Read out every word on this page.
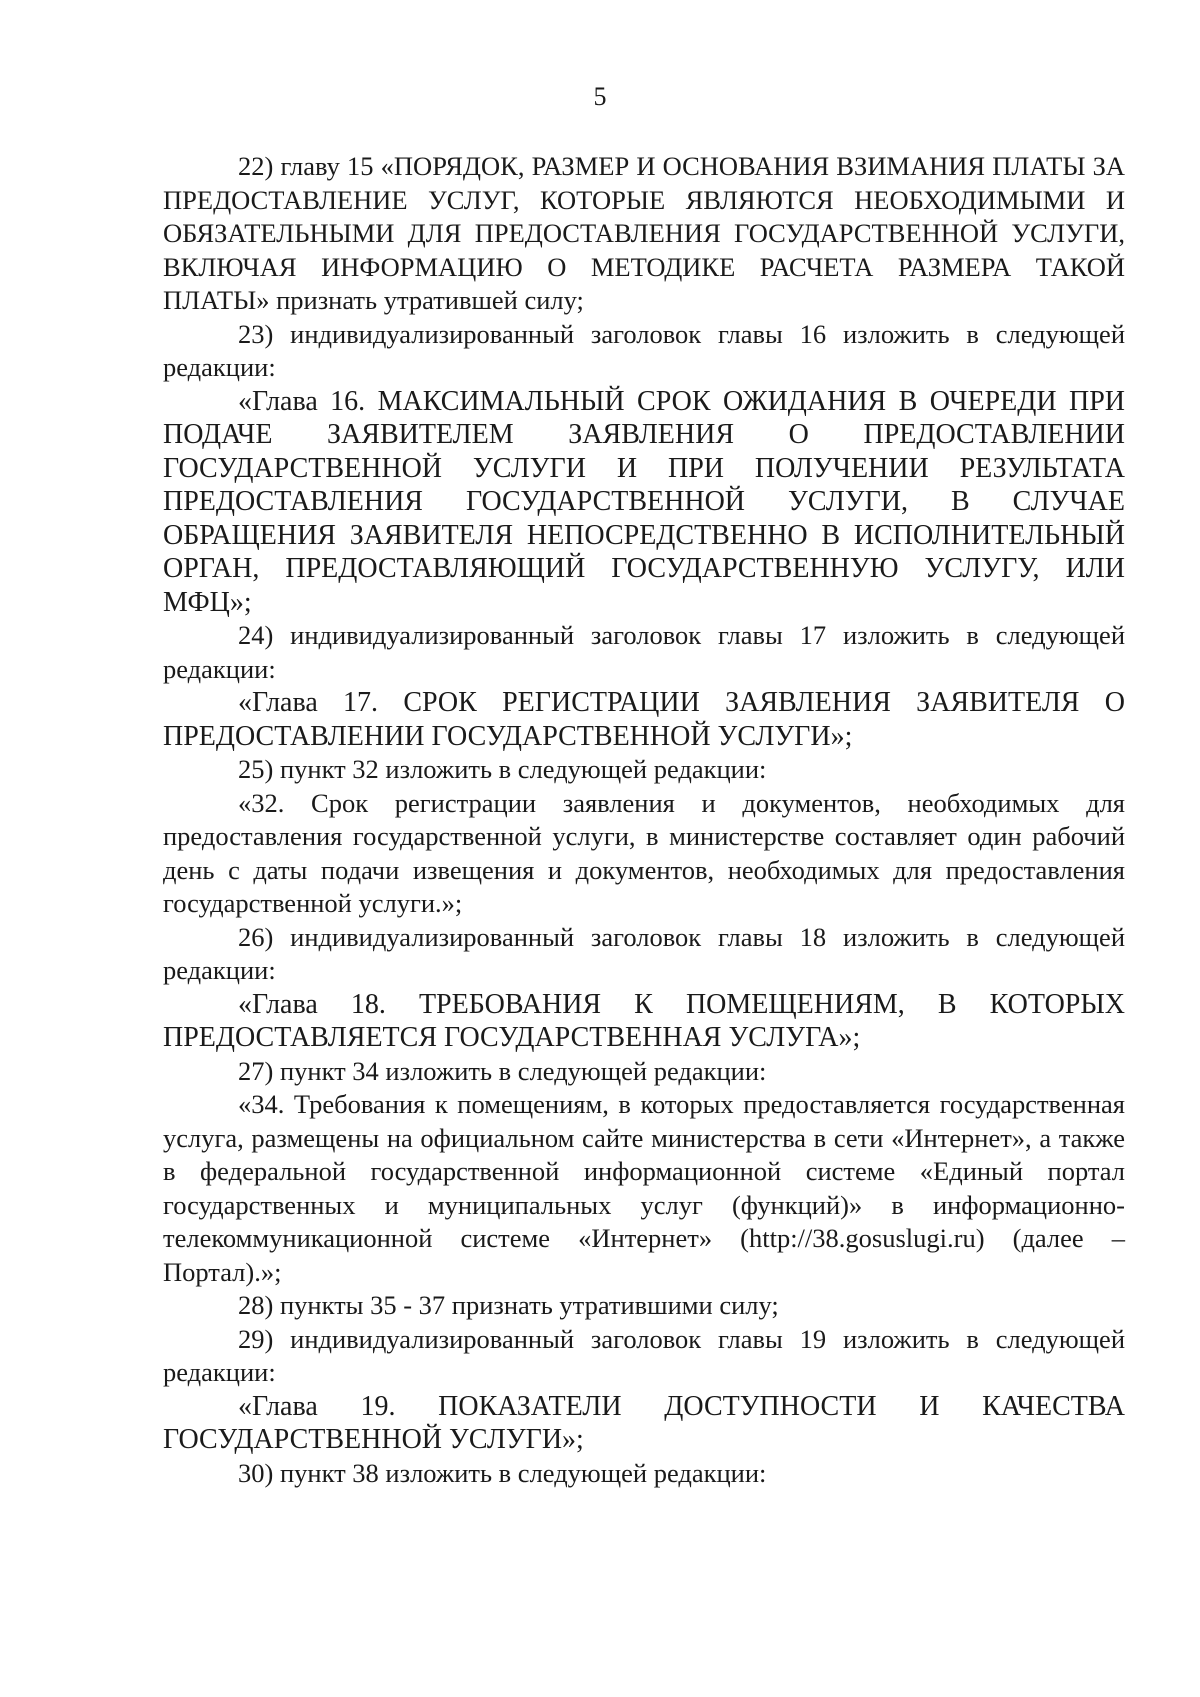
5

22) главу 15 «ПОРЯДОК, РАЗМЕР И ОСНОВАНИЯ ВЗИМАНИЯ ПЛАТЫ ЗА ПРЕДОСТАВЛЕНИЕ УСЛУГ, КОТОРЫЕ ЯВЛЯЮТСЯ НЕОБХОДИМЫМИ И ОБЯЗАТЕЛЬНЫМИ ДЛЯ ПРЕДОСТАВЛЕНИЯ ГОСУДАРСТВЕННОЙ УСЛУГИ, ВКЛЮЧАЯ ИНФОРМАЦИЮ О МЕТОДИКЕ РАСЧЕТА РАЗМЕРА ТАКОЙ ПЛАТЫ» признать утратившей силу;

23) индивидуализированный заголовок главы 16 изложить в следующей редакции:

«Глава 16. МАКСИМАЛЬНЫЙ СРОК ОЖИДАНИЯ В ОЧЕРЕДИ ПРИ ПОДАЧЕ ЗАЯВИТЕЛЕМ ЗАЯВЛЕНИЯ О ПРЕДОСТАВЛЕНИИ ГОСУДАРСТВЕННОЙ УСЛУГИ И ПРИ ПОЛУЧЕНИИ РЕЗУЛЬТАТА ПРЕДОСТАВЛЕНИЯ ГОСУДАРСТВЕННОЙ УСЛУГИ, В СЛУЧАЕ ОБРАЩЕНИЯ ЗАЯВИТЕЛЯ НЕПОСРЕДСТВЕННО В ИСПОЛНИТЕЛЬНЫЙ ОРГАН, ПРЕДОСТАВЛЯЮЩИЙ ГОСУДАРСТВЕННУЮ УСЛУГУ, ИЛИ МФЦ»;

24) индивидуализированный заголовок главы 17 изложить в следующей редакции:

«Глава 17. СРОК РЕГИСТРАЦИИ ЗАЯВЛЕНИЯ ЗАЯВИТЕЛЯ О ПРЕДОСТАВЛЕНИИ ГОСУДАРСТВЕННОЙ УСЛУГИ»;

25) пункт 32 изложить в следующей редакции:

«32. Срок регистрации заявления и документов, необходимых для предоставления государственной услуги, в министерстве составляет один рабочий день с даты подачи извещения и документов, необходимых для предоставления государственной услуги.»;

26) индивидуализированный заголовок главы 18 изложить в следующей редакции:

«Глава 18. ТРЕБОВАНИЯ К ПОМЕЩЕНИЯМ, В КОТОРЫХ ПРЕДОСТАВЛЯЕТСЯ ГОСУДАРСТВЕННАЯ УСЛУГА»;

27) пункт 34 изложить в следующей редакции:

«34. Требования к помещениям, в которых предоставляется государственная услуга, размещены на официальном сайте министерства в сети «Интернет», а также в федеральной государственной информационной системе «Единый портал государственных и муниципальных услуг (функций)» в информационно-телекоммуникационной системе «Интернет» (http://38.gosuslugi.ru) (далее – Портал).»;

28) пункты 35 - 37 признать утратившими силу;

29) индивидуализированный заголовок главы 19 изложить в следующей редакции:

«Глава 19. ПОКАЗАТЕЛИ ДОСТУПНОСТИ И КАЧЕСТВА ГОСУДАРСТВЕННОЙ УСЛУГИ»;

30) пункт 38 изложить в следующей редакции:
